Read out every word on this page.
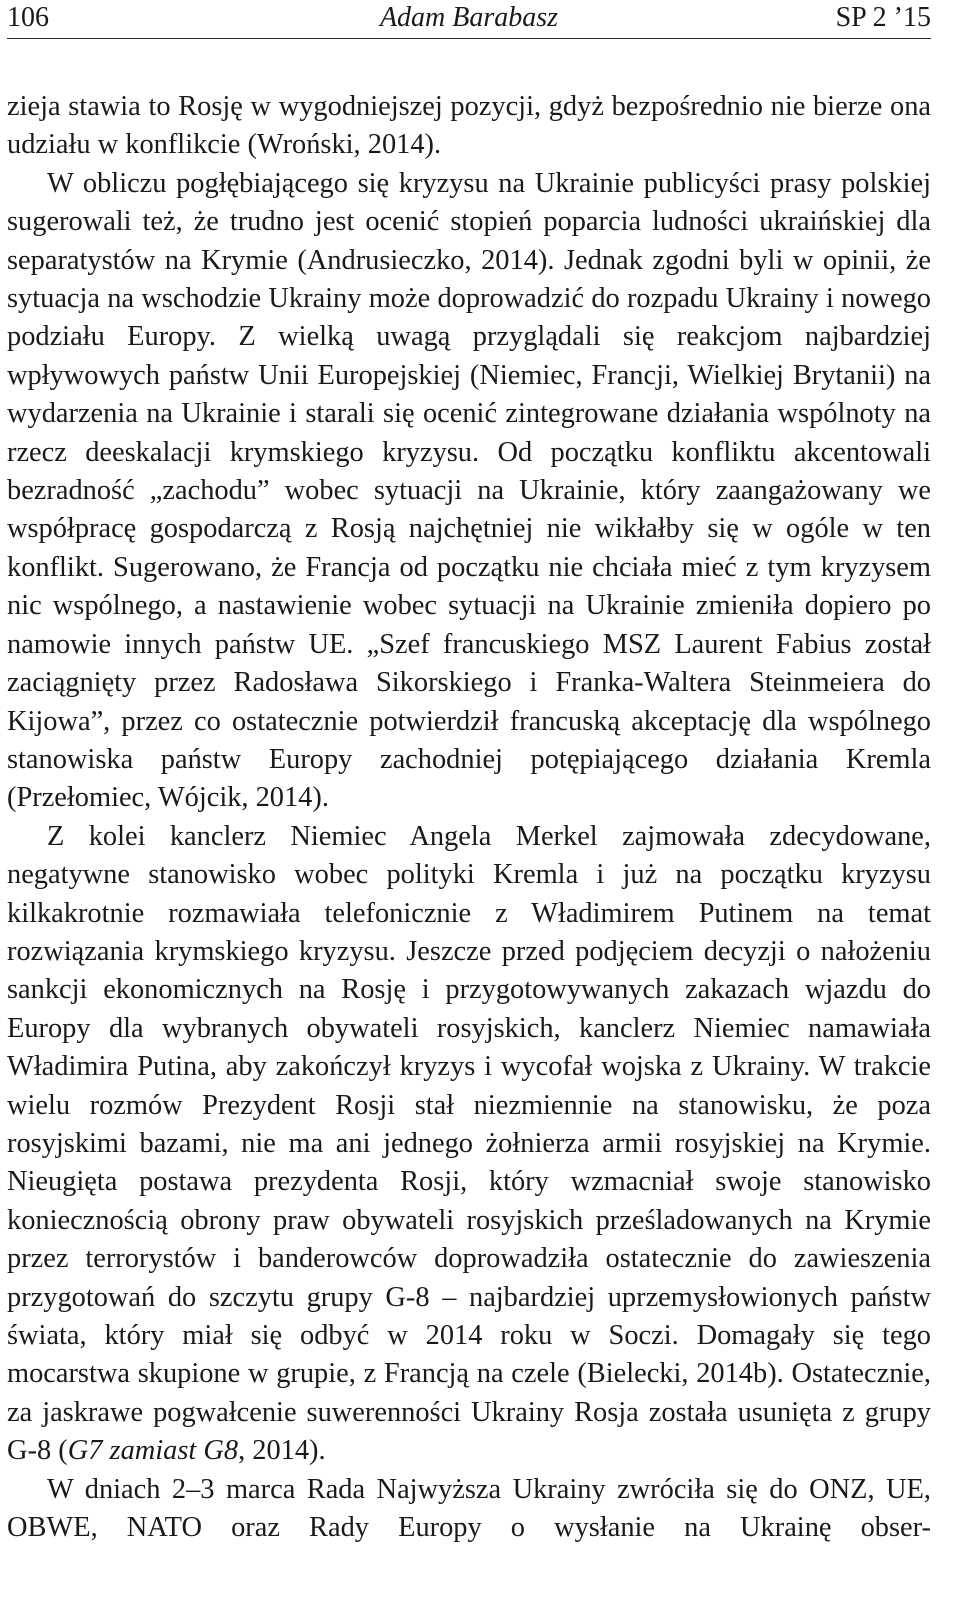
106	Adam Barabasz	SP 2 ’15

zieja stawia to Rosję w wygodniejszej pozycji, gdyż bezpośrednio nie bierze ona udziału w konflikcie (Wroński, 2014).

W obliczu pogłębiającego się kryzysu na Ukrainie publicyści prasy polskiej sugerowali też, że trudno jest ocenić stopień poparcia ludności ukraińskiej dla separatystów na Krymie (Andrusieczko, 2014). Jednak zgodni byli w opinii, że sytuacja na wschodzie Ukrainy może doprowadzić do rozpadu Ukrainy i nowego podziału Europy. Z wielką uwagą przyglądali się reakcjom najbardziej wpływowych państw Unii Europejskiej (Niemiec, Francji, Wielkiej Brytanii) na wydarzenia na Ukrainie i starali się ocenić zintegrowane działania wspólnoty na rzecz deeskalacji krymskiego kryzysu. Od początku konfliktu akcentowali bezradność „zachodu” wobec sytuacji na Ukrainie, który zaangażowany we współpracę gospodarczą z Rosją najchętniej nie wikłałby się w ogóle w ten konflikt. Sugerowano, że Francja od początku nie chciała mieć z tym kryzysem nic wspólnego, a nastawienie wobec sytuacji na Ukrainie zmieniła dopiero po namowie innych państw UE. „Szef francuskiego MSZ Laurent Fabius został zaciągnięty przez Radosława Sikorskiego i Franka-Waltera Steinmeiera do Kijowa”, przez co ostatecznie potwierdził francuską akceptację dla wspólnego stanowiska państw Europy zachodniej potępiającego działania Kremla (Przełomiec, Wójcik, 2014).

Z kolei kanclerz Niemiec Angela Merkel zajmowała zdecydowane, negatywne stanowisko wobec polityki Kremla i już na początku kryzysu kilkakrotnie rozmawiała telefonicznie z Władimirem Putinem na temat rozwiązania krymskiego kryzysu. Jeszcze przed podjęciem decyzji o nałożeniu sankcji ekonomicznych na Rosję i przygotowywanych zakazach wjazdu do Europy dla wybranych obywateli rosyjskich, kanclerz Niemiec namawiała Władimira Putina, aby zakończył kryzys i wycofał wojska z Ukrainy. W trakcie wielu rozmów Prezydent Rosji stał niezmiennie na stanowisku, że poza rosyjskimi bazami, nie ma ani jednego żołnierza armii rosyjskiej na Krymie. Nieugięta postawa prezydenta Rosji, który wzmacniał swoje stanowisko koniecznością obrony praw obywateli rosyjskich prześladowanych na Krymie przez terrorystów i banderowców doprowadziła ostatecznie do zawieszenia przygotowań do szczytu grupy G-8 – najbardziej uprzemysłowionych państw świata, który miał się odbyć w 2014 roku w Soczi. Domagały się tego mocarstwa skupione w grupie, z Francją na czele (Bielecki, 2014b). Ostatecznie, za jaskrawe pogwałcenie suwerenności Ukrainy Rosja została usunięta z grupy G-8 (G7 zamiast G8, 2014).

W dniach 2–3 marca Rada Najwyższa Ukrainy zwróciła się do ONZ, UE, OBWE, NATO oraz Rady Europy o wysłanie na Ukrainę obser-
